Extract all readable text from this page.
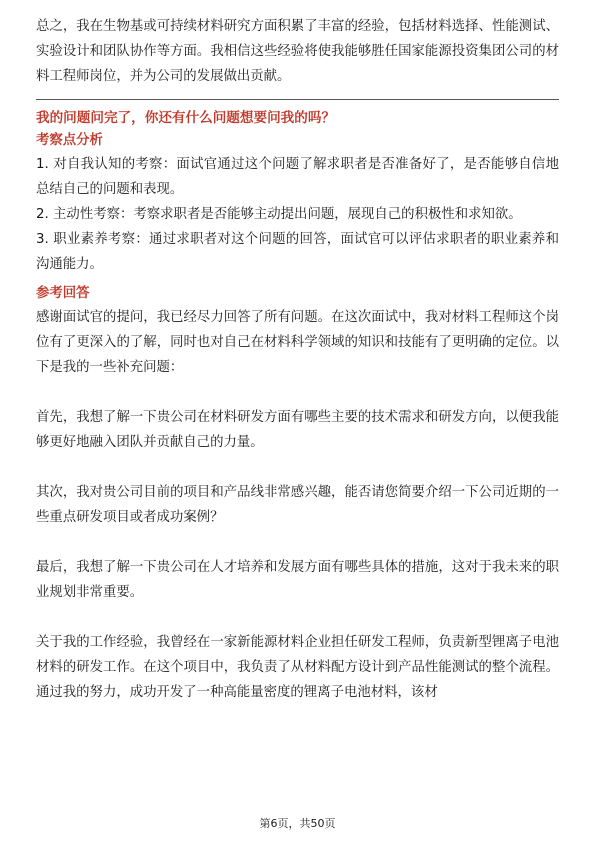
总之，我在生物基或可持续材料研究方面积累了丰富的经验，包括材料选择、性能测试、实验设计和团队协作等方面。我相信这些经验将使我能够胜任国家能源投资集团公司的材料工程师岗位，并为公司的发展做出贡献。

我的问题问完了，你还有什么问题想要问我的吗？

考察点分析

1. 对自我认知的考察：面试官通过这个问题了解求职者是否准备好了，是否能够自信地总结自己的问题和表现。

2. 主动性考察：考察求职者是否能够主动提出问题，展现自己的积极性和求知欲。

3. 职业素养考察：通过求职者对这个问题的回答，面试官可以评估求职者的职业素养和沟通能力。

参考回答

感谢面试官的提问，我已经尽力回答了所有问题。在这次面试中，我对材料工程师这个岗位有了更深入的了解，同时也对自己在材料科学领域的知识和技能有了更明确的定位。以下是我的一些补充问题：

首先，我想了解一下贵公司在材料研发方面有哪些主要的技术需求和研发方向，以便我能够更好地融入团队并贡献自己的力量。

其次，我对贵公司目前的项目和产品线非常感兴趣，能否请您简要介绍一下公司近期的一些重点研发项目或者成功案例？

最后，我想了解一下贵公司在人才培养和发展方面有哪些具体的措施，这对于我未来的职业规划非常重要。

关于我的工作经验，我曾经在一家新能源材料企业担任研发工程师，负责新型锂离子电池材料的研发工作。在这个项目中，我负责了从材料配方设计到产品性能测试的整个流程。通过我的努力，成功开发了一种高能量密度的锂离子电池材料，该材

第6页，共50页
